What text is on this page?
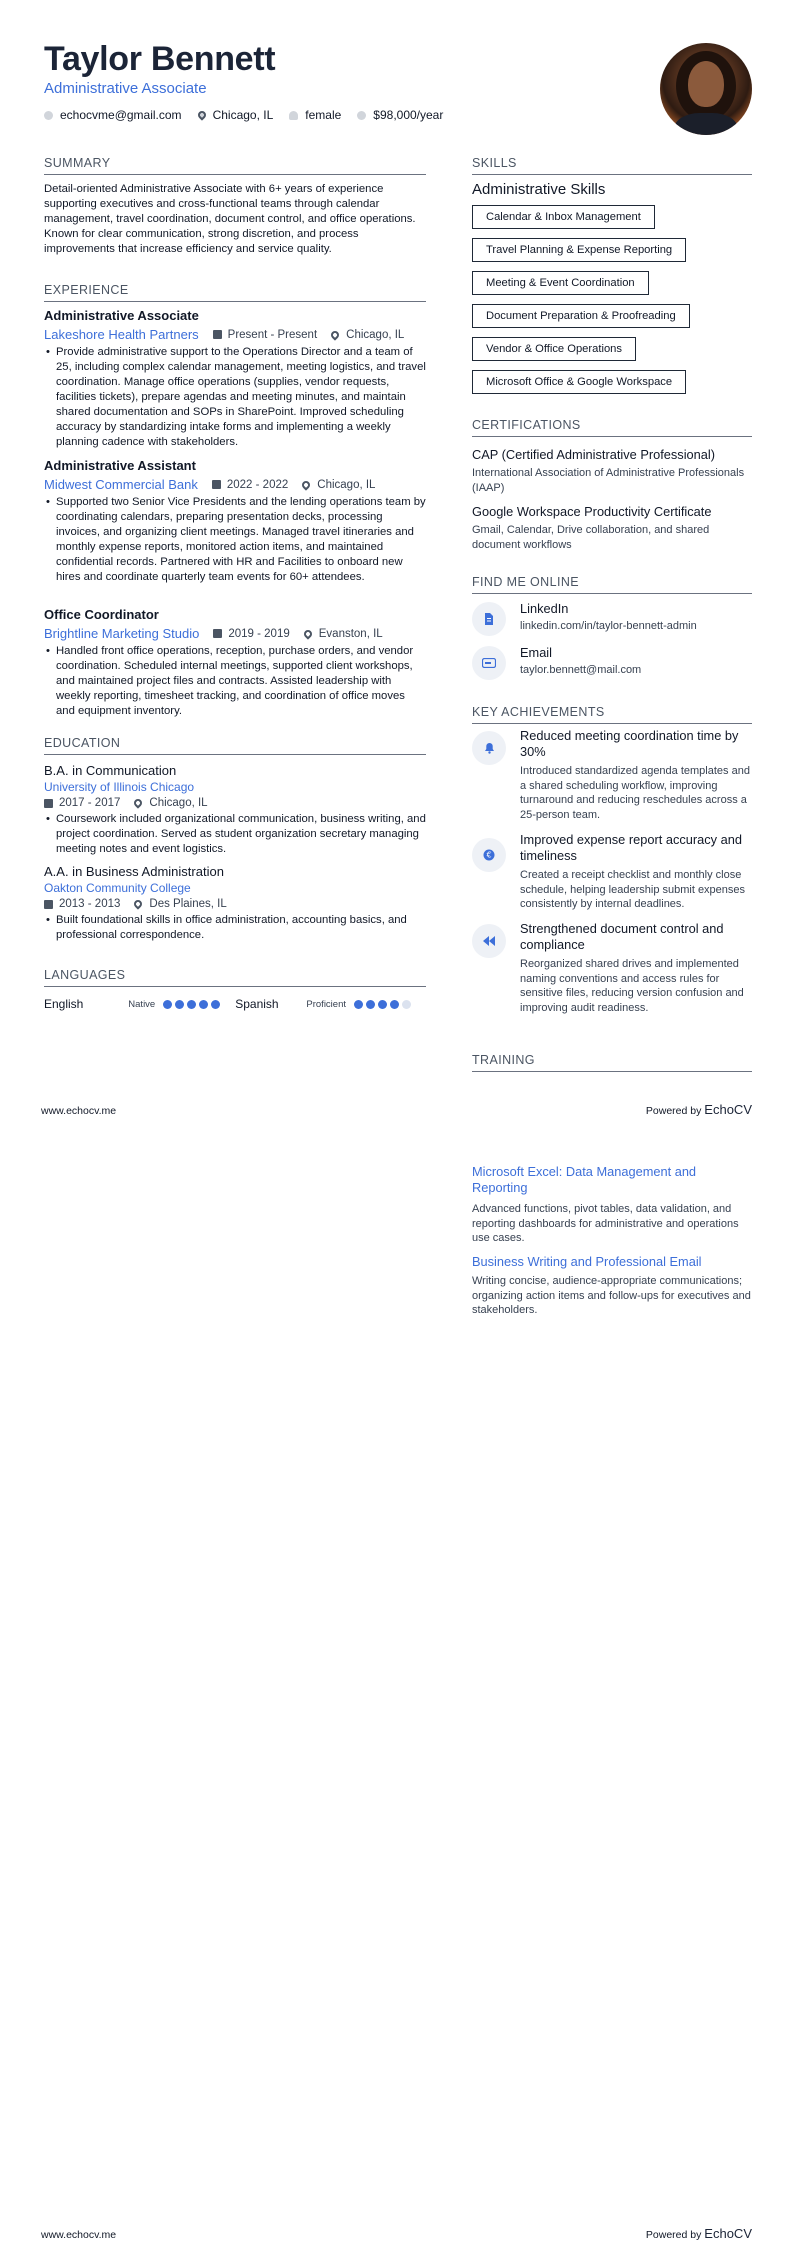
Taylor Bennett
Administrative Associate
echocvme@gmail.com	Chicago, IL	female	$98,000/year
SUMMARY
Detail-oriented Administrative Associate with 6+ years of experience supporting executives and cross-functional teams through calendar management, travel coordination, document control, and office operations. Known for clear communication, strong discretion, and process improvements that increase efficiency and service quality.
EXPERIENCE
Administrative Associate
Lakeshore Health Partners	Present - Present	Chicago, IL
• Provide administrative support to the Operations Director and a team of 25, including complex calendar management, meeting logistics, and travel coordination. Manage office operations (supplies, vendor requests, facilities tickets), prepare agendas and meeting minutes, and maintain shared documentation and SOPs in SharePoint. Improved scheduling accuracy by standardizing intake forms and implementing a weekly planning cadence with stakeholders.
Administrative Assistant
Midwest Commercial Bank	2022 - 2022	Chicago, IL
• Supported two Senior Vice Presidents and the lending operations team by coordinating calendars, preparing presentation decks, processing invoices, and organizing client meetings. Managed travel itineraries and monthly expense reports, monitored action items, and maintained confidential records. Partnered with HR and Facilities to onboard new hires and coordinate quarterly team events for 60+ attendees.
Office Coordinator
Brightline Marketing Studio	2019 - 2019	Evanston, IL
• Handled front office operations, reception, purchase orders, and vendor coordination. Scheduled internal meetings, supported client workshops, and maintained project files and contracts. Assisted leadership with weekly reporting, timesheet tracking, and coordination of office moves and equipment inventory.
EDUCATION
B.A. in Communication
University of Illinois Chicago
2017 - 2017	Chicago, IL
• Coursework included organizational communication, business writing, and project coordination. Served as student organization secretary managing meeting notes and event logistics.
A.A. in Business Administration
Oakton Community College
2013 - 2013	Des Plaines, IL
• Built foundational skills in office administration, accounting basics, and professional correspondence.
LANGUAGES
English	Native	Spanish	Proficient
SKILLS
Administrative Skills
Calendar & Inbox Management
Travel Planning & Expense Reporting
Meeting & Event Coordination
Document Preparation & Proofreading
Vendor & Office Operations
Microsoft Office & Google Workspace
CERTIFICATIONS
CAP (Certified Administrative Professional)
International Association of Administrative Professionals (IAAP)
Google Workspace Productivity Certificate
Gmail, Calendar, Drive collaboration, and shared document workflows
FIND ME ONLINE
LinkedIn
linkedin.com/in/taylor-bennett-admin
Email
taylor.bennett@mail.com
KEY ACHIEVEMENTS
Reduced meeting coordination time by 30%
Introduced standardized agenda templates and a shared scheduling workflow, improving turnaround and reducing reschedules across a 25-person team.
€
Improved expense report accuracy and timeliness
Created a receipt checklist and monthly close schedule, helping leadership submit expenses consistently by internal deadlines.
Strengthened document control and compliance
Reorganized shared drives and implemented naming conventions and access rules for sensitive files, reducing version confusion and improving audit readiness.
TRAINING
www.echocv.me	Powered by EchoCV
Microsoft Excel: Data Management and Reporting
Advanced functions, pivot tables, data validation, and reporting dashboards for administrative and operations use cases.
Business Writing and Professional Email
Writing concise, audience-appropriate communications; organizing action items and follow-ups for executives and stakeholders.
www.echocv.me	Powered by EchoCV
